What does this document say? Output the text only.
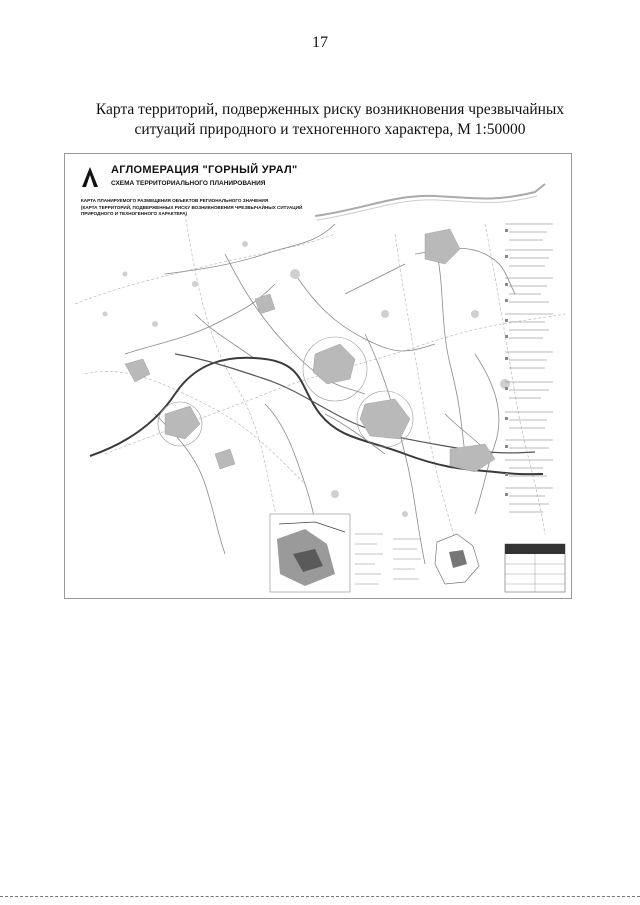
17
Карта территорий, подверженных риску возникновения чрезвычайных
ситуаций природного и техногенного характера, М 1:50000
АГЛОМЕРАЦИЯ "ГОРНЫЙ УРАЛ"
СХЕМА ТЕРРИТОРИАЛЬНОГО ПЛАНИРОВАНИЯ
КАРТА ПЛАНИРУЕМОГО РАЗМЕЩЕНИЯ ОБЪЕКТОВ РЕГИОНАЛЬНОГО ЗНАЧЕНИЯ
(КАРТА ТЕРРИТОРИЙ, ПОДВЕРЖЕННЫХ РИСКУ ВОЗНИКНОВЕНИЯ ЧРЕЗВЫЧАЙНЫХ СИТУАЦИЙ
ПРИРОДНОГО И ТЕХНОГЕННОГО ХАРАКТЕРА)
